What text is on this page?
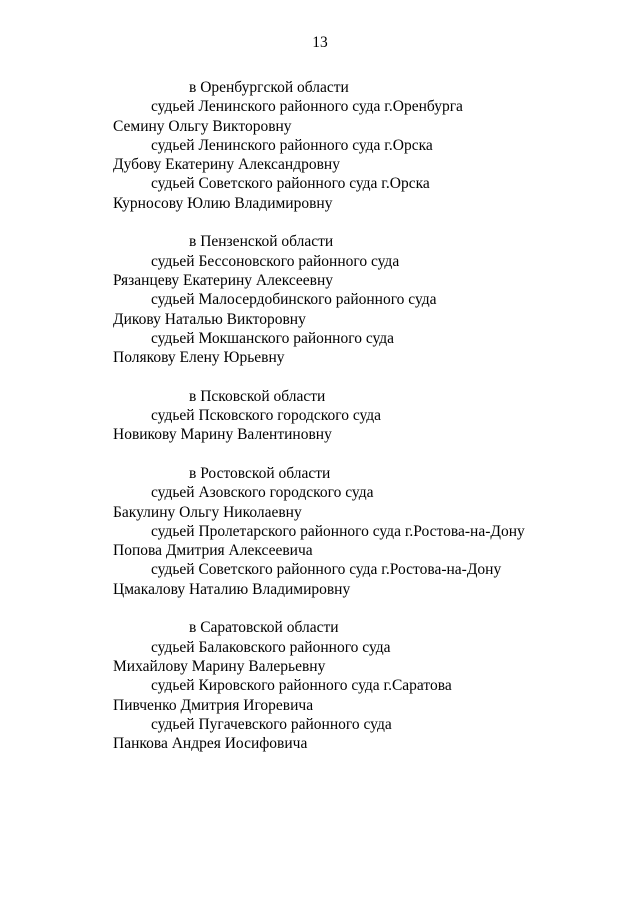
13
в Оренбургской области
судьей Ленинского районного суда г.Оренбурга
Семину Ольгу Викторовну
судьей Ленинского районного суда г.Орска
Дубову Екатерину Александровну
судьей Советского районного суда г.Орска
Курносову Юлию Владимировну
в Пензенской области
судьей Бессоновского районного суда
Рязанцеву Екатерину Алексеевну
судьей Малосердобинского районного суда
Дикову Наталью Викторовну
судьей Мокшанского районного суда
Полякову Елену Юрьевну
в Псковской области
судьей Псковского городского суда
Новикову Марину Валентиновну
в Ростовской области
судьей Азовского городского суда
Бакулину Ольгу Николаевну
судьей Пролетарского районного суда г.Ростова-на-Дону
Попова Дмитрия Алексеевича
судьей Советского районного суда г.Ростова-на-Дону
Цмакалову Наталию Владимировну
в Саратовской области
судьей Балаковского районного суда
Михайлову Марину Валерьевну
судьей Кировского районного суда г.Саратова
Пивченко Дмитрия Игоревича
судьей Пугачевского районного суда
Панкова Андрея Иосифовича
